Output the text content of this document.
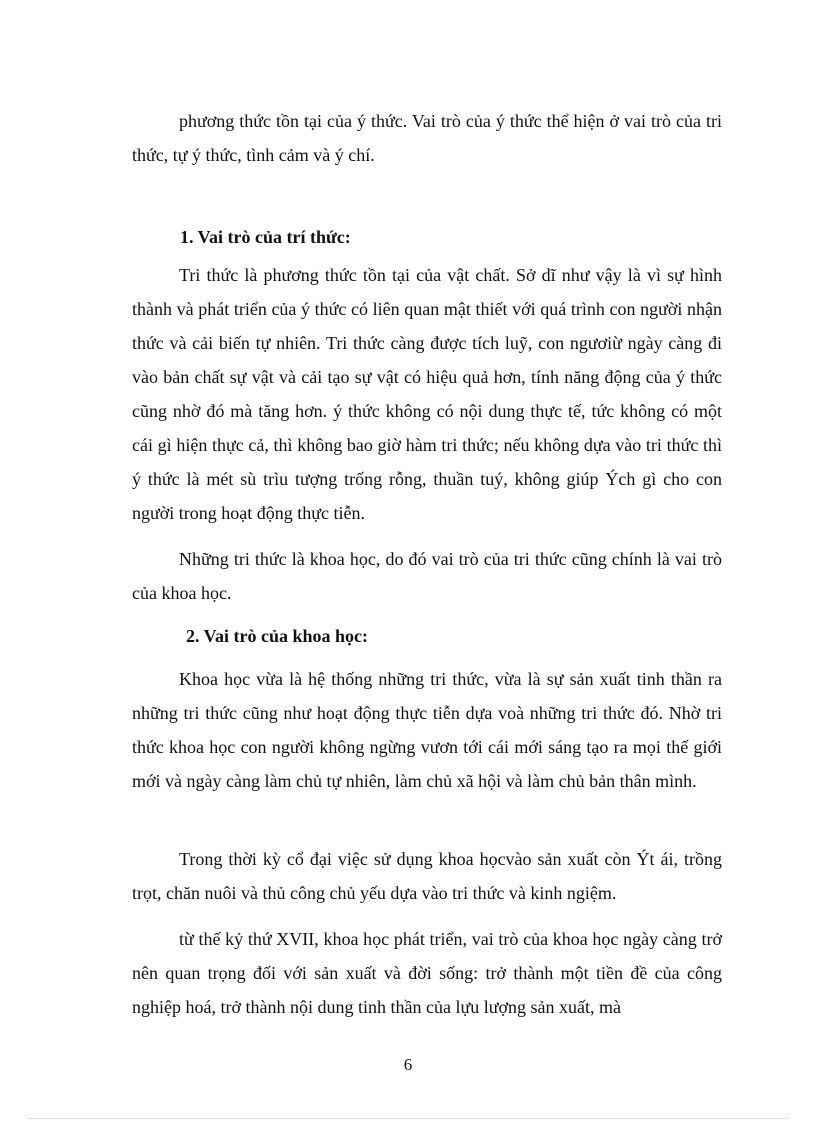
phương thức tồn tại của ý thức. Vai trò của ý thức thể hiện ở vai trò của tri thức, tự ý thức, tình cảm và ý chí.

1. Vai trò của trí thức:

Tri thức là phương thức tồn tại của vật chất. Sở dĩ như vậy là vì sự hình thành và phát triển của ý thức có liên quan mật thiết với quá trình con người nhận thức và cải biến tự nhiên. Tri thức càng được tích luỹ, con ngươiừ ngày càng đi vào bản chất sự vật và cải tạo sự vật có hiệu quả hơn, tính năng động của ý thức cũng nhờ đó mà tăng hơn. ý thức không có nội dung thực tế, tức không có một cái gì hiện thực cả, thì không bao giờ hàm tri thức; nếu không dựa vào tri thức thì ý thức là mét sù trìu tượng trống rỗng, thuần tuý, không giúp Ých gì cho con người trong hoạt động thực tiễn.

Những tri thức là khoa học, do đó vai trò của tri thức cũng chính là vai trò của khoa học.

2. Vai trò của khoa học:

Khoa học vừa là hệ thống những tri thức, vừa là sự sản xuất tinh thần ra những tri thức cũng như hoạt động thực tiễn dựa voà những tri thức đó. Nhờ tri thức khoa học con người không ngừng vươn tới cái mới sáng tạo ra mọi thế giới mới và ngày càng làm chủ tự nhiên, làm chủ xã hội và làm chủ bản thân mình.

Trong thời kỳ cổ đại việc sử dụng khoa họcvào sản xuất còn Ýt ái, trồng trọt, chăn nuôi và thủ công chủ yếu dựa vào tri thức và kinh ngiệm.

từ thế kỷ thứ XVII, khoa học phát triển, vai trò của khoa học ngày càng trở nên quan trọng đối với sản xuất và đời sống: trở thành một tiền đề của công nghiệp hoá, trở thành nội dung tinh thần của lựu lượng sản xuất, mà

6
